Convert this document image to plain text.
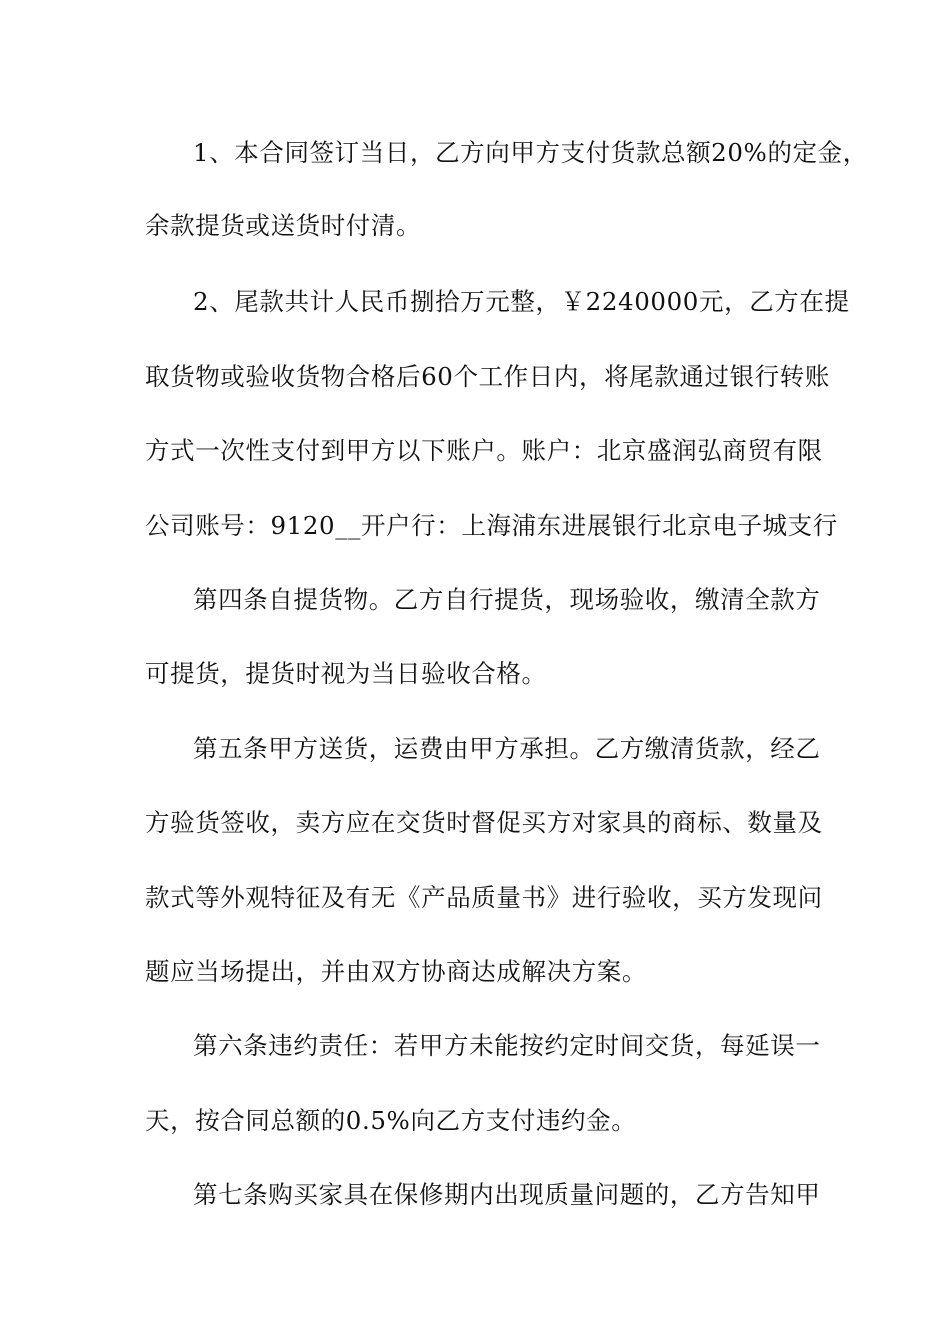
1、本合同签订当日，乙方向甲方支付货款总额20%的定金，
余款提货或送货时付清。
2、尾款共计人民币捌拾万元整，￥2240000元，乙方在提
取货物或验收货物合格后60个工作日内，将尾款通过银行转账
方式一次性支付到甲方以下账户。账户：北京盛润弘商贸有限
公司账号：9120__开户行：上海浦东进展银行北京电子城支行
第四条自提货物。乙方自行提货，现场验收，缴清全款方
可提货，提货时视为当日验收合格。
第五条甲方送货，运费由甲方承担。乙方缴清货款，经乙
方验货签收，卖方应在交货时督促买方对家具的商标、数量及
款式等外观特征及有无《产品质量书》进行验收，买方发现问
题应当场提出，并由双方协商达成解决方案。
第六条违约责任：若甲方未能按约定时间交货，每延误一
天，按合同总额的0.5%向乙方支付违约金。
第七条购买家具在保修期内出现质量问题的，乙方告知甲
